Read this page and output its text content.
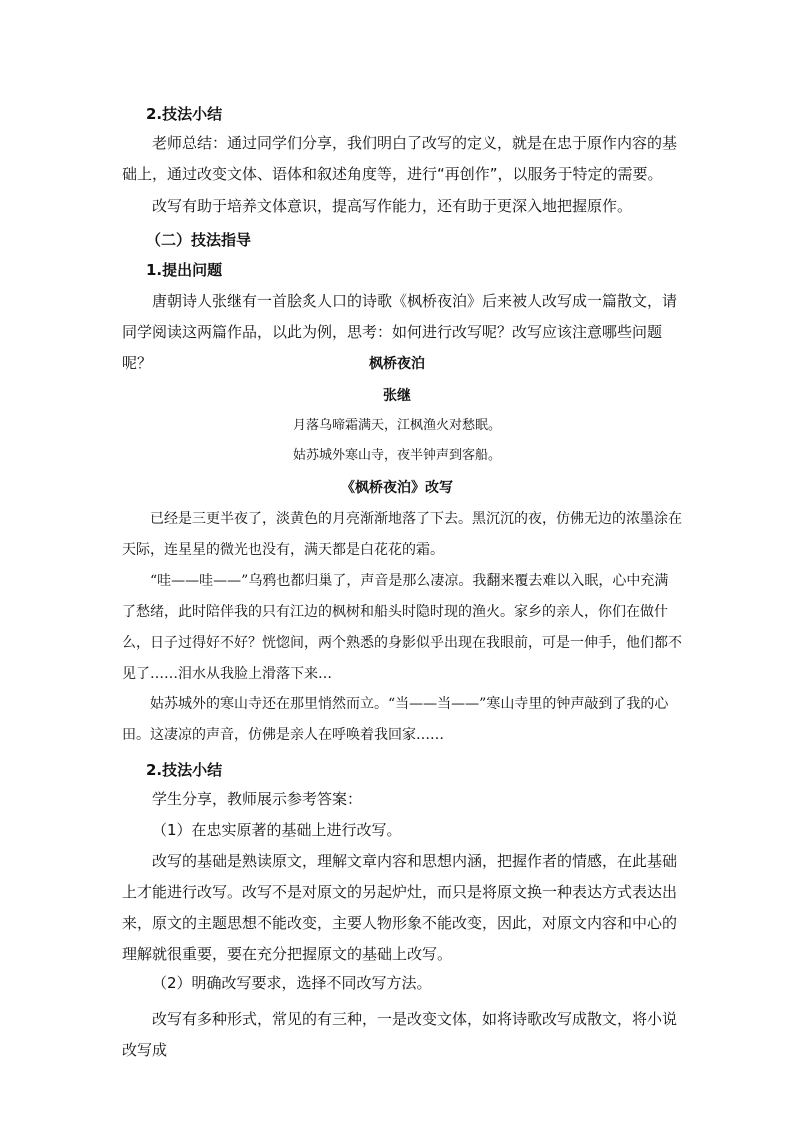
2.技法小结
老师总结：通过同学们分享，我们明白了改写的定义，就是在忠于原作内容的基础上，通过改变文体、语体和叙述角度等，进行“再创作”，以服务于特定的需要。
改写有助于培养文体意识，提高写作能力，还有助于更深入地把握原作。
（二）技法指导
1.提出问题
唐朝诗人张继有一首脍炙人口的诗歌《枫桥夜泊》后来被人改写成一篇散文，请同学阅读这两篇作品，以此为例，思考：如何进行改写呢？改写应该注意哪些问题呢？	枫桥夜泊
张继
月落乌啼霜满天，江枫渔火对愁眠。
姑苏城外寒山寺，夜半钟声到客船。
《枫桥夜泊》改写
已经是三更半夜了，淡黄色的月亮渐渐地落了下去。黑沉沉的夜，仿佛无边的浓墨涂在天际，连星星的微光也没有，满天都是白花花的霜。
“哇——哇——”乌鸦也都归巢了，声音是那么凄凉。我翻来覆去难以入眠，心中充满了愁绪，此时陪伴我的只有江边的枫树和船头时隐时现的渔火。家乡的亲人，你们在做什么，日子过得好不好？恍惚间，两个熟悉的身影似乎出现在我眼前，可是一伸手，他们都不见了……泪水从我脸上滑落下来…
姑苏城外的寒山寺还在那里悄然而立。“当——当——”寒山寺里的钟声敲到了我的心田。这凄凉的声音，仿佛是亲人在呼唤着我回家……
2.技法小结
学生分享，教师展示参考答案：
（1）在忠实原著的基础上进行改写。
改写的基础是熟读原文，理解文章内容和思想内涵，把握作者的情感，在此基础上才能进行改写。改写不是对原文的另起炉灶，而只是将原文换一种表达方式表达出来，原文的主题思想不能改变，主要人物形象不能改变，因此，对原文内容和中心的理解就很重要，要在充分把握原文的基础上改写。
（2）明确改写要求，选择不同改写方法。
改写有多种形式，常见的有三种，一是改变文体，如将诗歌改写成散文，将小说改写成
